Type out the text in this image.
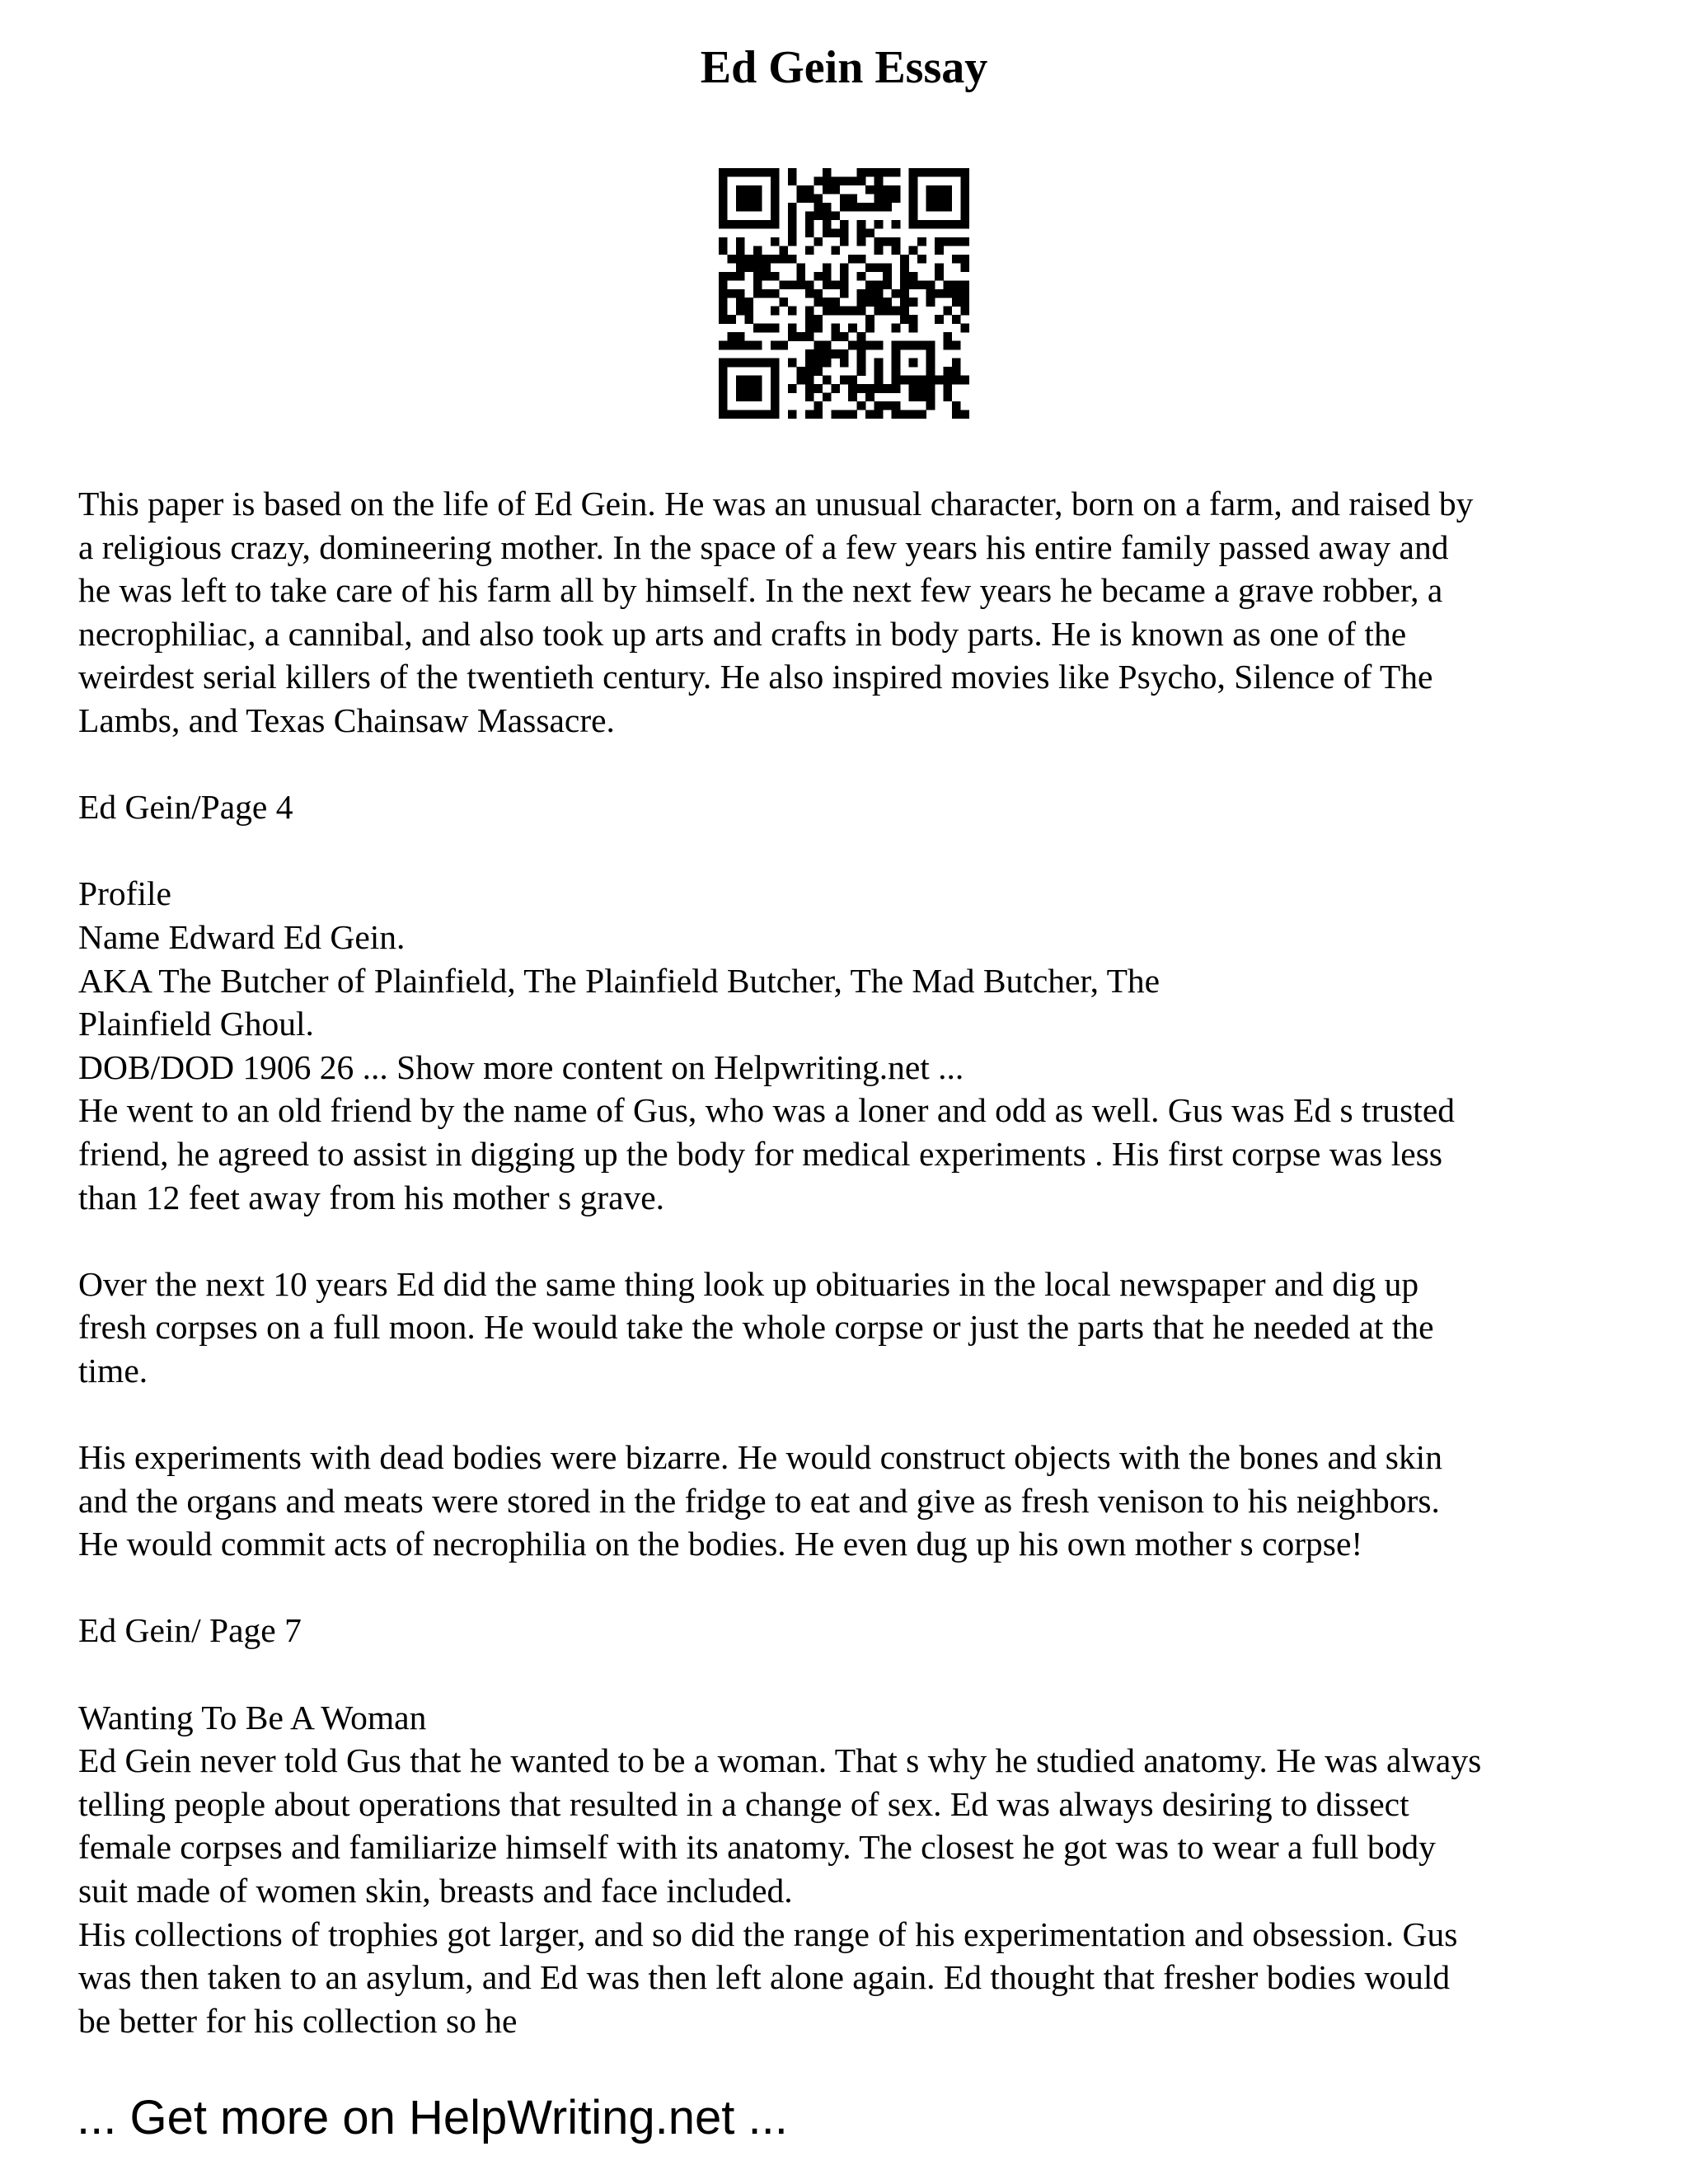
Ed Gein Essay
This paper is based on the life of Ed Gein. He was an unusual character, born on a farm, and raised by
a religious crazy, domineering mother. In the space of a few years his entire family passed away and
he was left to take care of his farm all by himself. In the next few years he became a grave robber, a
necrophiliac, a cannibal, and also took up arts and crafts in body parts. He is known as one of the
weirdest serial killers of the twentieth century. He also inspired movies like Psycho, Silence of The
Lambs, and Texas Chainsaw Massacre.
Ed Gein/Page 4
Profile
Name Edward Ed Gein.
AKA The Butcher of Plainfield, The Plainfield Butcher, The Mad Butcher, The
Plainfield Ghoul.
DOB/DOD 1906 26 ... Show more content on Helpwriting.net ...
He went to an old friend by the name of Gus, who was a loner and odd as well. Gus was Ed s trusted
friend, he agreed to assist in digging up the body for medical experiments . His first corpse was less
than 12 feet away from his mother s grave.
Over the next 10 years Ed did the same thing look up obituaries in the local newspaper and dig up
fresh corpses on a full moon. He would take the whole corpse or just the parts that he needed at the
time.
His experiments with dead bodies were bizarre. He would construct objects with the bones and skin
and the organs and meats were stored in the fridge to eat and give as fresh venison to his neighbors.
He would commit acts of necrophilia on the bodies. He even dug up his own mother s corpse!
Ed Gein/ Page 7
Wanting To Be A Woman
Ed Gein never told Gus that he wanted to be a woman. That s why he studied anatomy. He was always
telling people about operations that resulted in a change of sex. Ed was always desiring to dissect
female corpses and familiarize himself with its anatomy. The closest he got was to wear a full body
suit made of women skin, breasts and face included.
His collections of trophies got larger, and so did the range of his experimentation and obsession. Gus
was then taken to an asylum, and Ed was then left alone again. Ed thought that fresher bodies would
be better for his collection so he
... Get more on HelpWriting.net ...
